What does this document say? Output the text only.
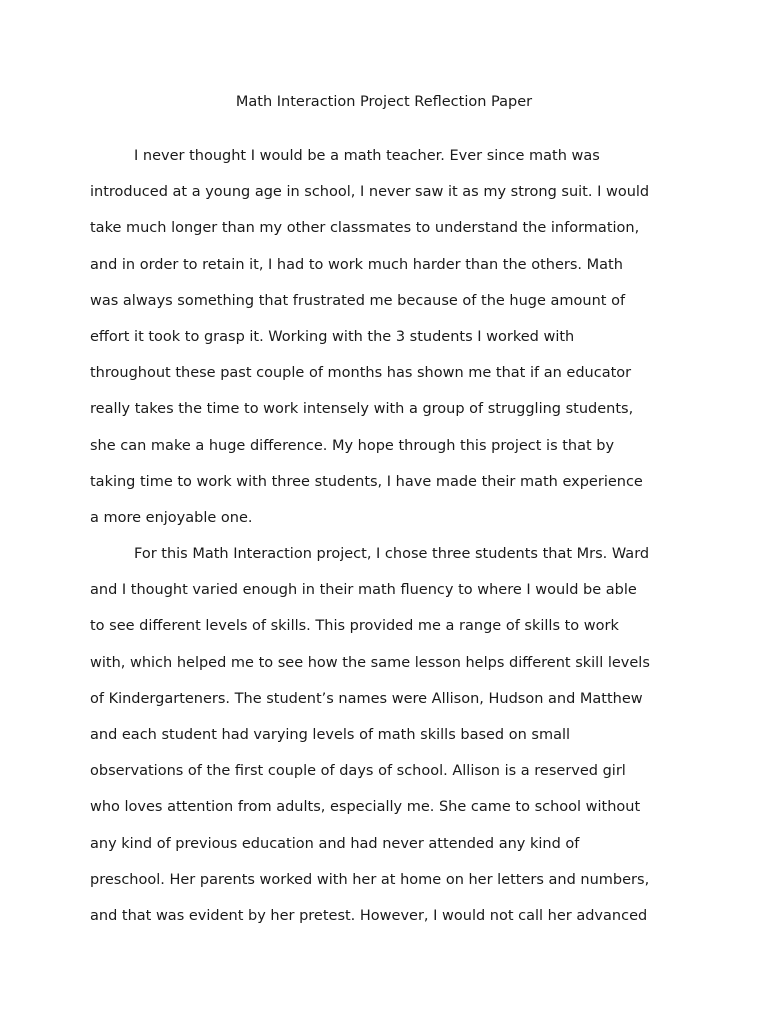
Math Interaction Project Reflection Paper
I never thought I would be a math teacher. Ever since math was
introduced at a young age in school, I never saw it as my strong suit. I would
take much longer than my other classmates to understand the information,
and in order to retain it, I had to work much harder than the others. Math
was always something that frustrated me because of the huge amount of
effort it took to grasp it. Working with the 3 students I worked with
throughout these past couple of months has shown me that if an educator
really takes the time to work intensely with a group of struggling students,
she can make a huge difference. My hope through this project is that by
taking time to work with three students, I have made their math experience
a more enjoyable one.
For this Math Interaction project, I chose three students that Mrs. Ward
and I thought varied enough in their math fluency to where I would be able
to see different levels of skills. This provided me a range of skills to work
with, which helped me to see how the same lesson helps different skill levels
of Kindergarteners. The student’s names were Allison, Hudson and Matthew
and each student had varying levels of math skills based on small
observations of the first couple of days of school. Allison is a reserved girl
who loves attention from adults, especially me. She came to school without
any kind of previous education and had never attended any kind of
preschool. Her parents worked with her at home on her letters and numbers,
and that was evident by her pretest. However, I would not call her advanced
